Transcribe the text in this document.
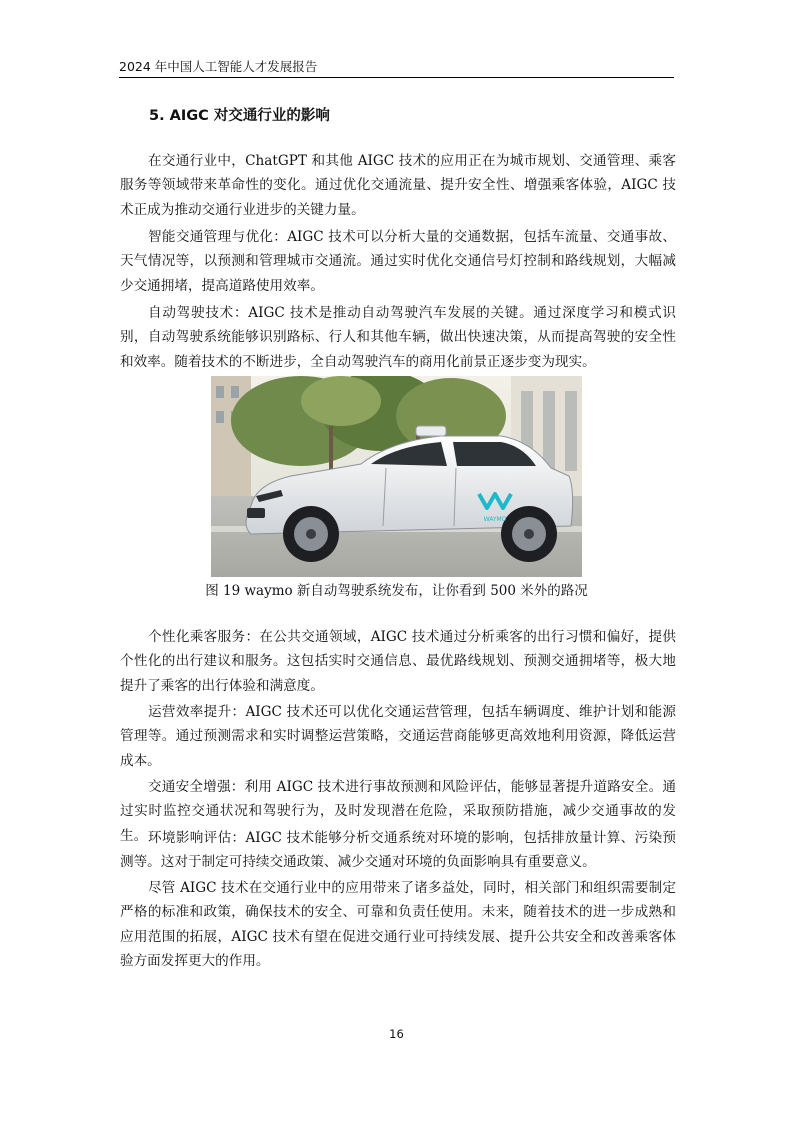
2024 年中国人工智能人才发展报告
5. AIGC 对交通行业的影响

在交通行业中，ChatGPT 和其他 AIGC 技术的应用正在为城市规划、交通管理、乘客服务等领域带来革命性的变化。通过优化交通流量、提升安全性、增强乘客体验，AIGC 技术正成为推动交通行业进步的关键力量。

智能交通管理与优化：AIGC 技术可以分析大量的交通数据，包括车流量、交通事故、天气情况等，以预测和管理城市交通流。通过实时优化交通信号灯控制和路线规划，大幅减少交通拥堵，提高道路使用效率。

自动驾驶技术：AIGC 技术是推动自动驾驶汽车发展的关键。通过深度学习和模式识别，自动驾驶系统能够识别路标、行人和其他车辆，做出快速决策，从而提高驾驶的安全性和效率。随着技术的不断进步，全自动驾驶汽车的商用化前景正逐步变为现实。

WAYMO
图 19 waymo 新自动驾驶系统发布，让你看到 500 米外的路况

个性化乘客服务：在公共交通领域，AIGC 技术通过分析乘客的出行习惯和偏好，提供个性化的出行建议和服务。这包括实时交通信息、最优路线规划、预测交通拥堵等，极大地提升了乘客的出行体验和满意度。

运营效率提升：AIGC 技术还可以优化交通运营管理，包括车辆调度、维护计划和能源管理等。通过预测需求和实时调整运营策略，交通运营商能够更高效地利用资源，降低运营成本。

交通安全增强：利用 AIGC 技术进行事故预测和风险评估，能够显著提升道路安全。通过实时监控交通状况和驾驶行为，及时发现潜在危险，采取预防措施，减少交通事故的发生。 环境影响评估：AIGC 技术能够分析交通系统对环境的影响，包括排放量计算、污染预测等。这对于制定可持续交通政策、减少交通对环境的负面影响具有重要意义。

尽管 AIGC 技术在交通行业中的应用带来了诸多益处，同时，相关部门和组织需要制定严格的标准和政策，确保技术的安全、可靠和负责任使用。未来，随着技术的进一步成熟和应用范围的拓展，AIGC 技术有望在促进交通行业可持续发展、提升公共安全和改善乘客体验方面发挥更大的作用。

16
